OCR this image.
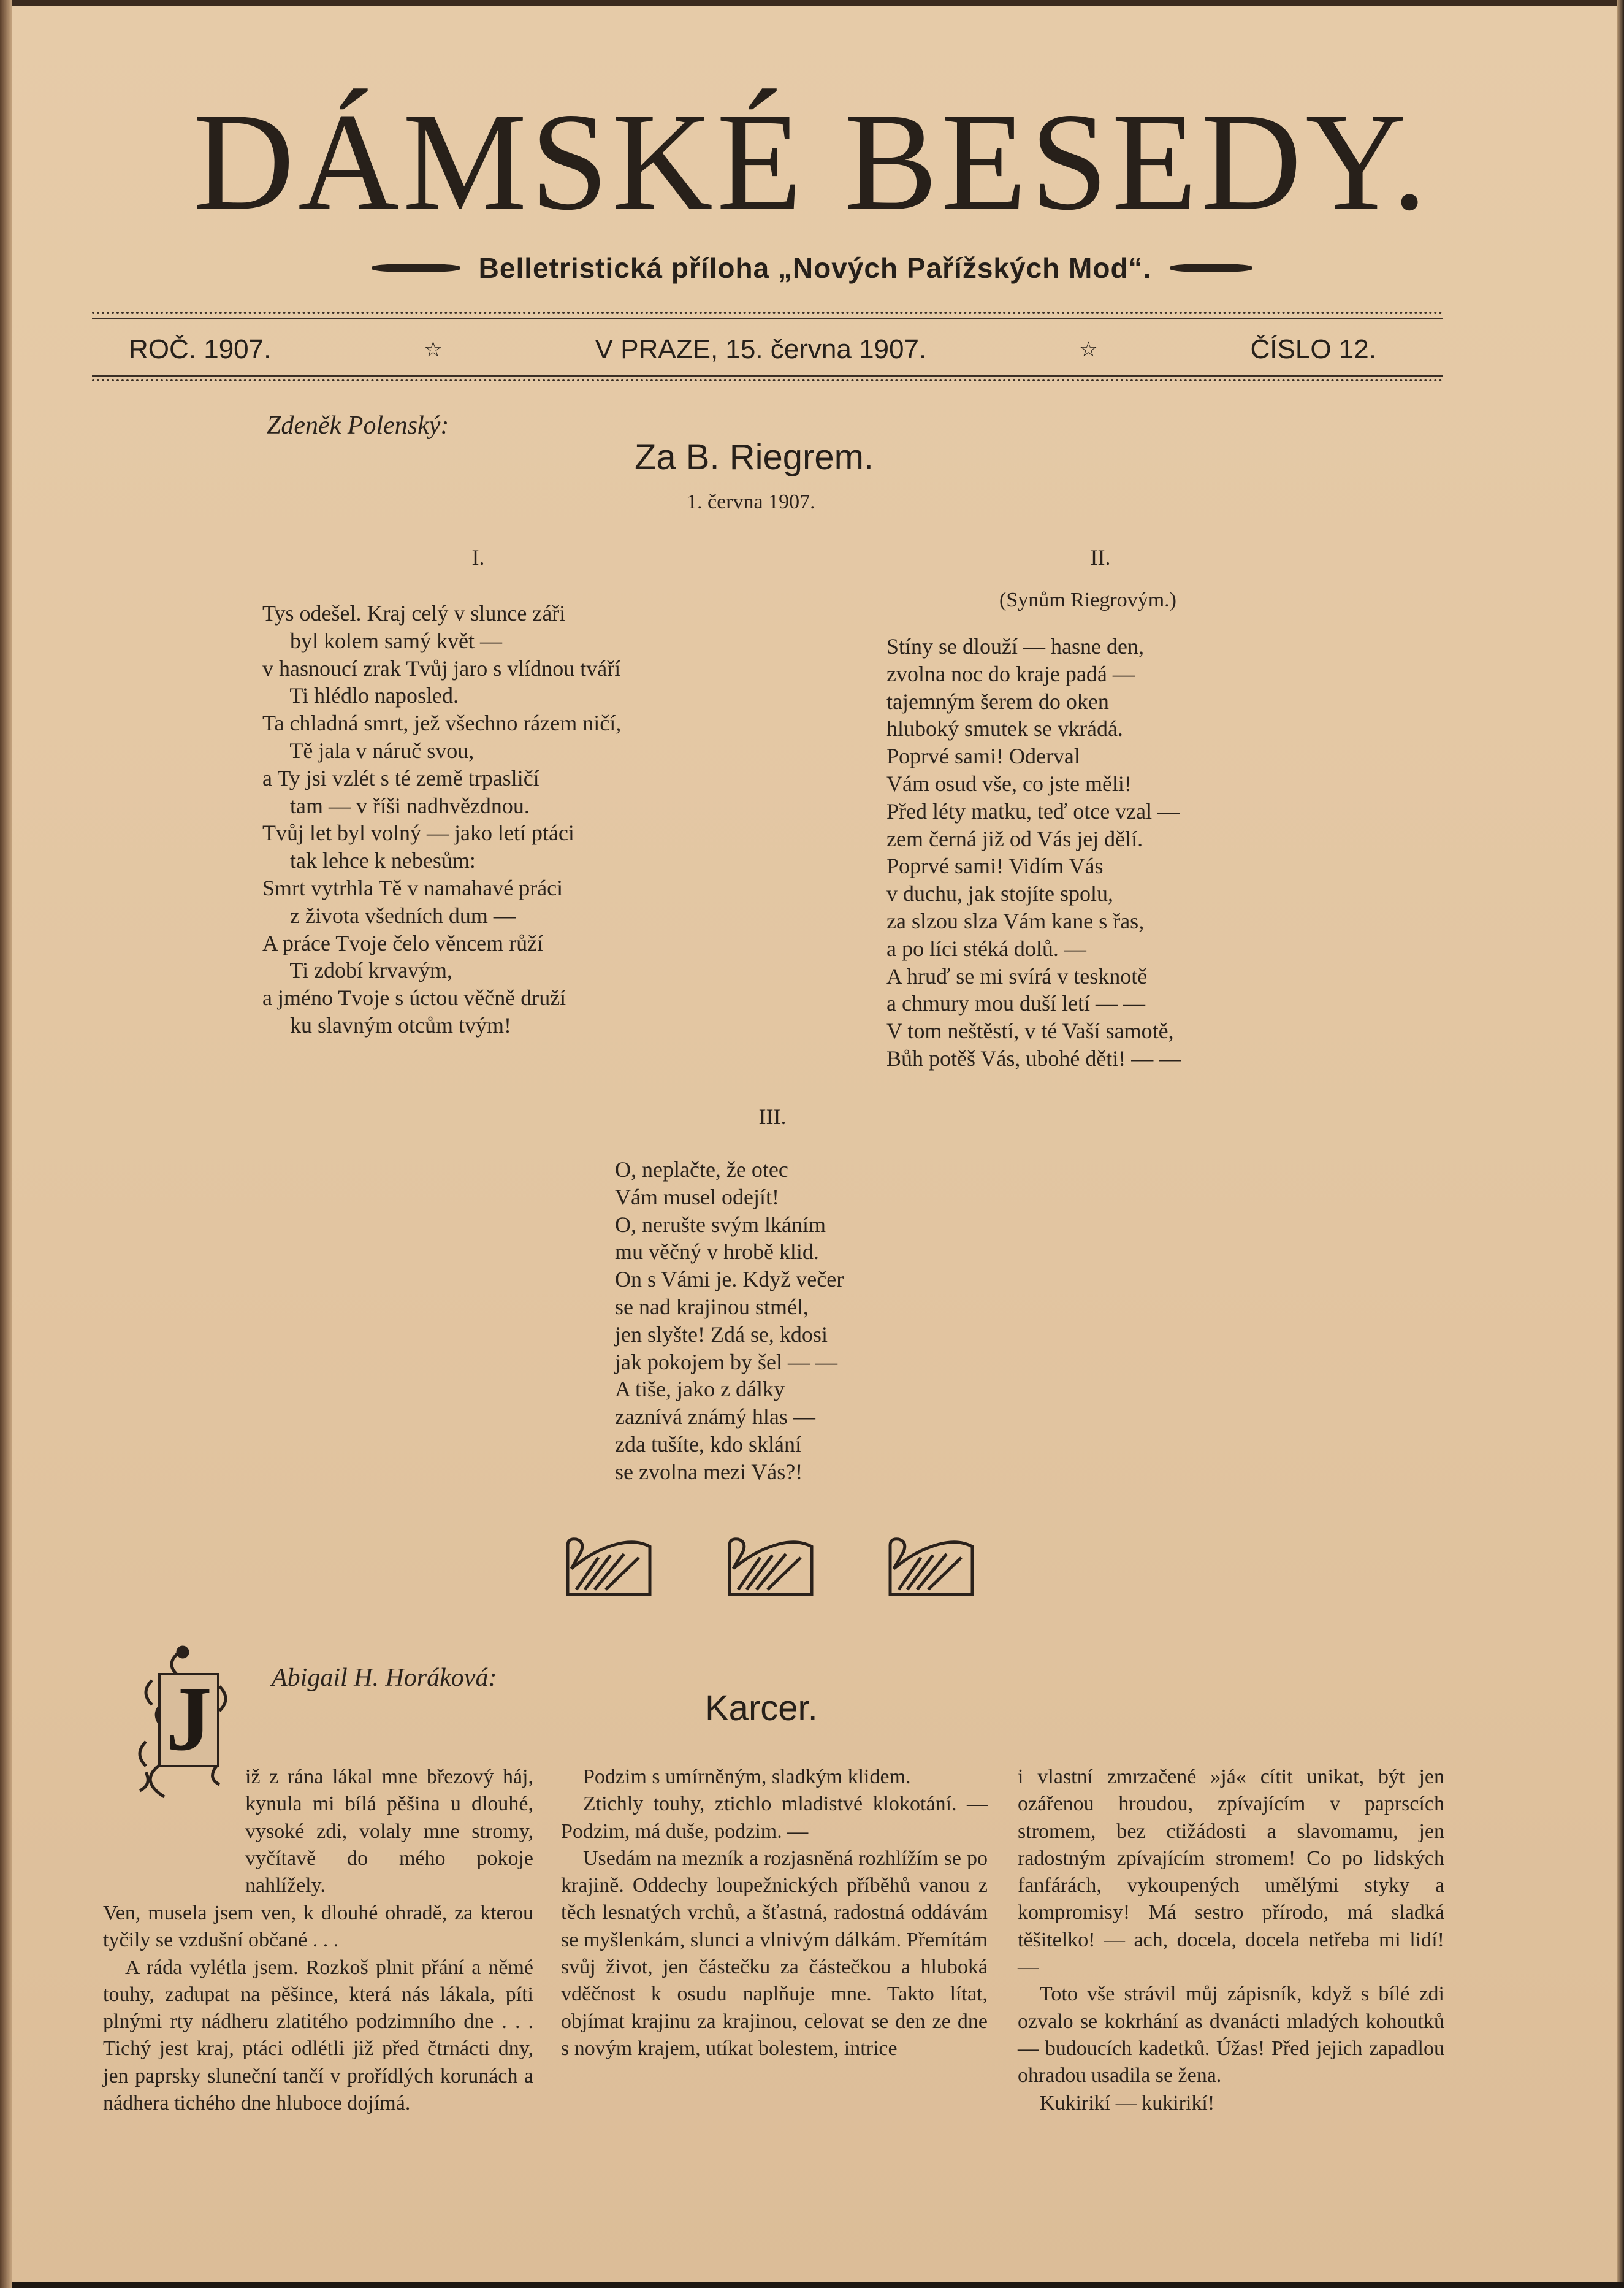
DÁMSKÉ BESEDY.
Belletristická příloha „Nových Pařížských Mod“.
ROČ. 1907.	☆	V PRAZE, 15. června 1907.	☆	ČÍSLO 12.
Zdeněk Polenský:
Za B. Riegrem.
1. června 1907.
I.
Tys odešel. Kraj celý v slunce záři
byl kolem samý květ —
v hasnoucí zrak Tvůj jaro s vlídnou tváří
Ti hlédlo naposled.
Ta chladná smrt, jež všechno rázem ničí,
Tě jala v náruč svou,
a Ty jsi vzlét s té země trpasličí
tam — v říši nadhvězdnou.
Tvůj let byl volný — jako letí ptáci
tak lehce k nebesům:
Smrt vytrhla Tě v namahavé práci
z života všedních dum —
A práce Tvoje čelo věncem růží
Ti zdobí krvavým,
a jméno Tvoje s úctou věčně druží
ku slavným otcům tvým!
II.
(Synům Riegrovým.)
Stíny se dlouží — hasne den,
zvolna noc do kraje padá —
tajemným šerem do oken
hluboký smutek se vkrádá.
Poprvé sami! Oderval
Vám osud vše, co jste měli!
Před léty matku, teď otce vzal —
zem černá již od Vás jej dělí.
Poprvé sami! Vidím Vás
v duchu, jak stojíte spolu,
za slzou slza Vám kane s řas,
a po líci stéká dolů. —
A hruď se mi svírá v tesknotě
a chmury mou duší letí — —
V tom neštěstí, v té Vaší samotě,
Bůh potěš Vás, ubohé děti! — —
III.
O, neplačte, že otec
Vám musel odejít!
O, nerušte svým lkáním
mu věčný v hrobě klid.
On s Vámi je. Když večer
se nad krajinou stmél,
jen slyšte! Zdá se, kdosi
jak pokojem by šel — —
A tiše, jako z dálky
zaznívá známý hlas —
zda tušíte, kdo sklání
se zvolna mezi Vás?!
Abigail H. Horáková:
Karcer.
J

iž z rána lákal mne březový háj, kynula mi bílá pěšina u dlouhé, vysoké zdi, volaly mne stromy, vyčítavě do mého pokoje nahlížely.

Ven, musela jsem ven, k dlouhé ohradě, za kterou tyčily se vzdušní občané . . .

A ráda vylétla jsem. Rozkoš plnit přání a němé touhy, zadupat na pěšince, která nás lákala, píti plnými rty nádheru zlatitého podzimního dne . . . Tichý jest kraj, ptáci odlétli již před čtrnácti dny, jen paprsky sluneční tančí v prořídlých korunách a nádhera tichého dne hluboce dojímá.

Podzim s umírněným, sladkým klidem.

Ztichly touhy, ztichlo mladistvé klokotání. — Podzim, má duše, podzim. —

Usedám na mezník a rozjasněná rozhlížím se po krajině. Oddechy loupežnických příběhů vanou z těch lesnatých vrchů, a šťastná, radostná oddávám se myšlenkám, slunci a vlnivým dálkám. Přemítám svůj život, jen částečku za částečkou a hluboká vděčnost k osudu naplňuje mne. Takto lítat, objímat krajinu za krajinou, celovat se den ze dne s novým krajem, utíkat bolestem, intrice

i vlastní zmrzačené »já« cítit unikat, být jen ozářenou hroudou, zpívajícím v paprscích stromem, bez ctižádosti a slavomamu, jen radostným zpívajícím stromem! Co po lidských fanfárách, vykoupených umělými styky a kompromisy! Má sestro přírodo, má sladká těšitelko! — ach, docela, docela netřeba mi lidí! —

Toto vše strávil můj zápisník, když s bílé zdi ozvalo se kokrhání as dvanácti mladých kohoutků — budoucích kadetků. Úžas! Před jejich zapadlou ohradou usadila se žena.

Kukirikí — kukirikí!
